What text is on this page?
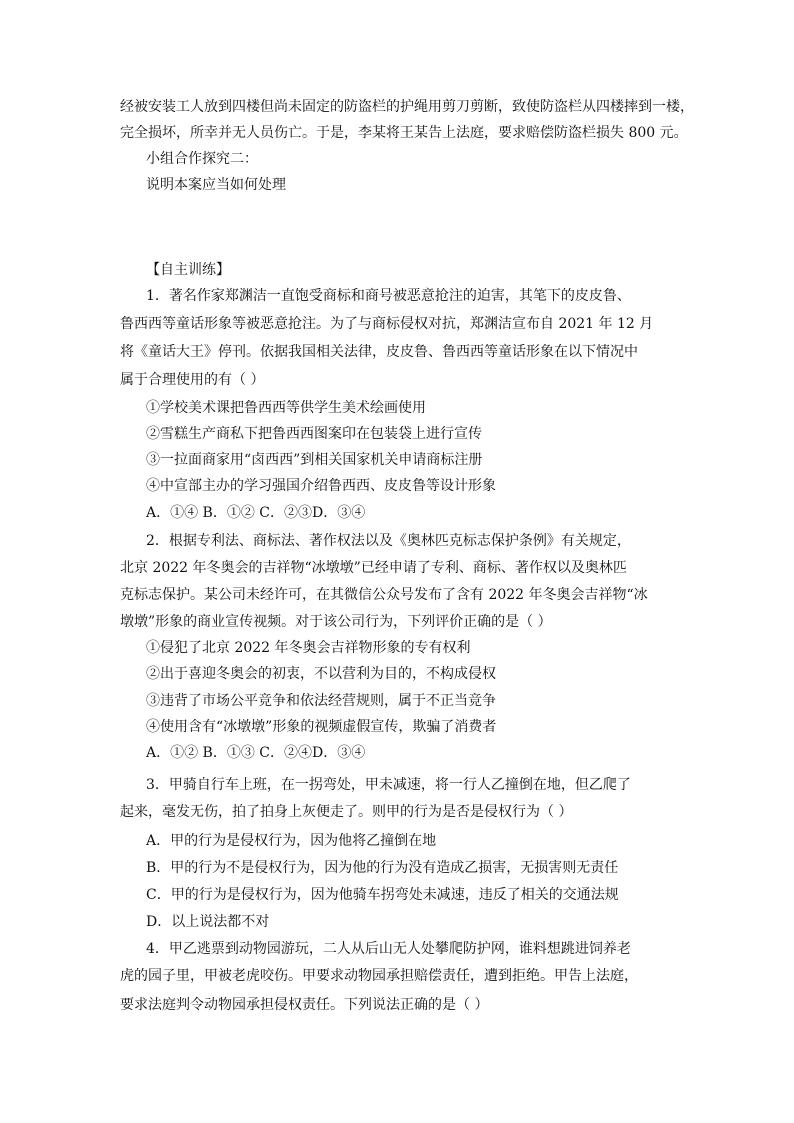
经被安装工人放到四楼但尚未固定的防盗栏的护绳用剪刀剪断，致使防盗栏从四楼摔到一楼，
完全损坏，所幸并无人员伤亡。于是，李某将王某告上法庭，要求赔偿防盗栏损失 800 元。
小组合作探究二：
说明本案应当如何处理
【自主训练】
1．著名作家郑渊洁一直饱受商标和商号被恶意抢注的迫害，其笔下的皮皮鲁、
鲁西西等童话形象等被恶意抢注。为了与商标侵权对抗，郑渊洁宣布自 2021 年 12 月
将《童话大王》停刊。依据我国相关法律，皮皮鲁、鲁西西等童话形象在以下情况中
属于合理使用的有（ ）
①学校美术课把鲁西西等供学生美术绘画使用
②雪糕生产商私下把鲁西西图案印在包装袋上进行宣传
③一拉面商家用“卤西西”到相关国家机关申请商标注册
④中宣部主办的学习强国介绍鲁西西、皮皮鲁等设计形象
A．①④ B．①② C．②③D．③④
2．根据专利法、商标法、著作权法以及《奥林匹克标志保护条例》有关规定，
北京 2022 年冬奥会的吉祥物“冰墩墩”已经申请了专利、商标、著作权以及奥林匹
克标志保护。某公司未经许可，在其微信公众号发布了含有 2022 年冬奥会吉祥物“冰
墩墩”形象的商业宣传视频。对于该公司行为，下列评价正确的是（ ）
①侵犯了北京 2022 年冬奥会吉祥物形象的专有权利
②出于喜迎冬奥会的初衷，不以营利为目的，不构成侵权
③违背了市场公平竞争和依法经营规则，属于不正当竞争
④使用含有“冰墩墩”形象的视频虚假宣传，欺骗了消费者
A．①② B．①③ C．②④D．③④
3．甲骑自行车上班，在一拐弯处，甲未减速，将一行人乙撞倒在地，但乙爬了
起来，毫发无伤，拍了拍身上灰便走了。则甲的行为是否是侵权行为（ ）
A．甲的行为是侵权行为，因为他将乙撞倒在地
B．甲的行为不是侵权行为，因为他的行为没有造成乙损害，无损害则无责任
C．甲的行为是侵权行为，因为他骑车拐弯处未减速，违反了相关的交通法规
D．以上说法都不对
4．甲乙逃票到动物园游玩，二人从后山无人处攀爬防护网，谁料想跳进饲养老
虎的园子里，甲被老虎咬伤。甲要求动物园承担赔偿责任，遭到拒绝。甲告上法庭，
要求法庭判令动物园承担侵权责任。下列说法正确的是（ ）
